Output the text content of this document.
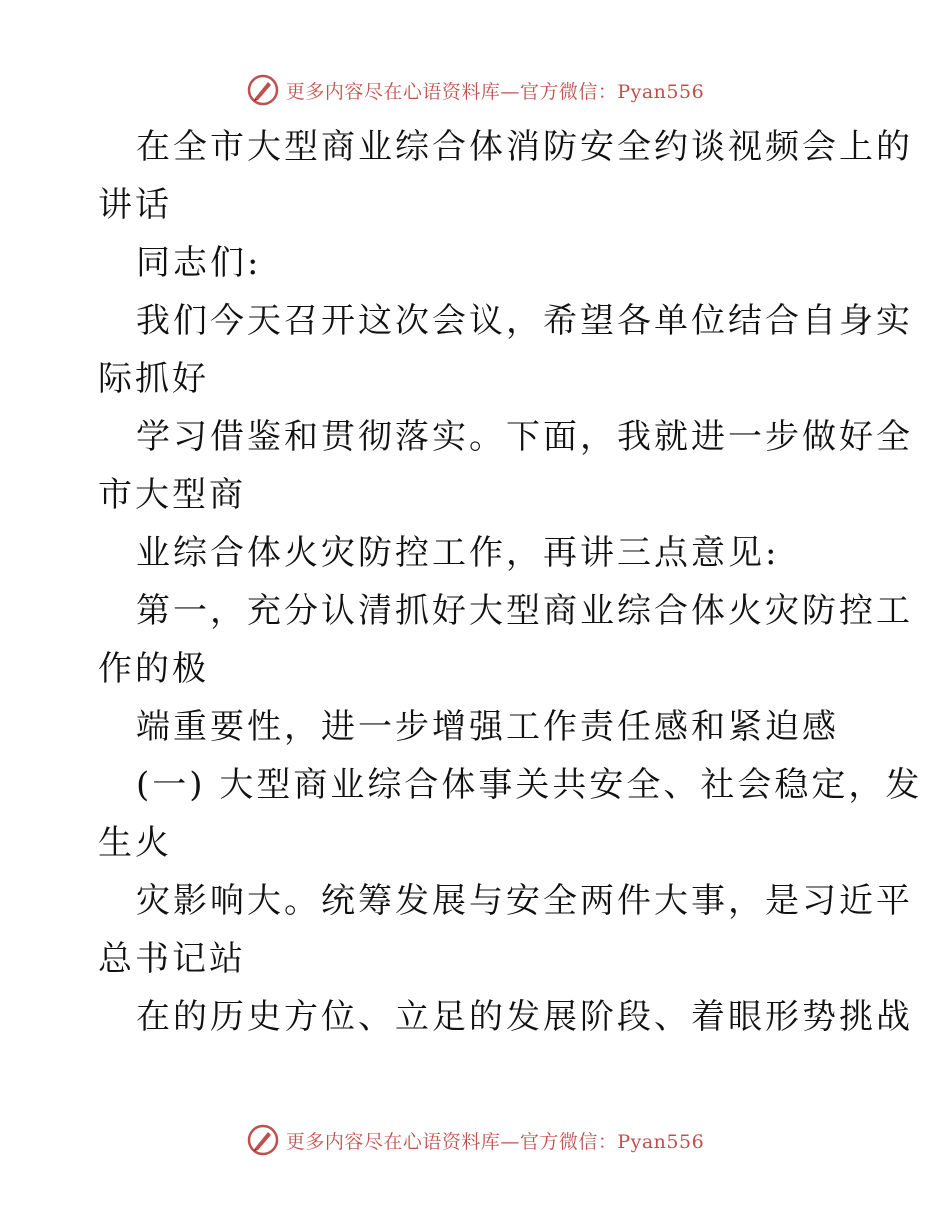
更多内容尽在心语资料库—官方微信：Pyan556
在全市大型商业综合体消防安全约谈视频会上的
讲话
同志们:
我们今天召开这次会议，希望各单位结合自身实
际抓好
学习借鉴和贯彻落实。下面，我就进一步做好全
市大型商
业综合体火灾防控工作，再讲三点意见:
第一，充分认清抓好大型商业综合体火灾防控工
作的极
端重要性，进一步增强工作责任感和紧迫感
(一) 大型商业综合体事关共安全、社会稳定，发
生火
灾影响大。统筹发展与安全两件大事，是习近平
总书记站
在的历史方位、立足的发展阶段、着眼形势挑战
更多内容尽在心语资料库—官方微信：Pyan556
